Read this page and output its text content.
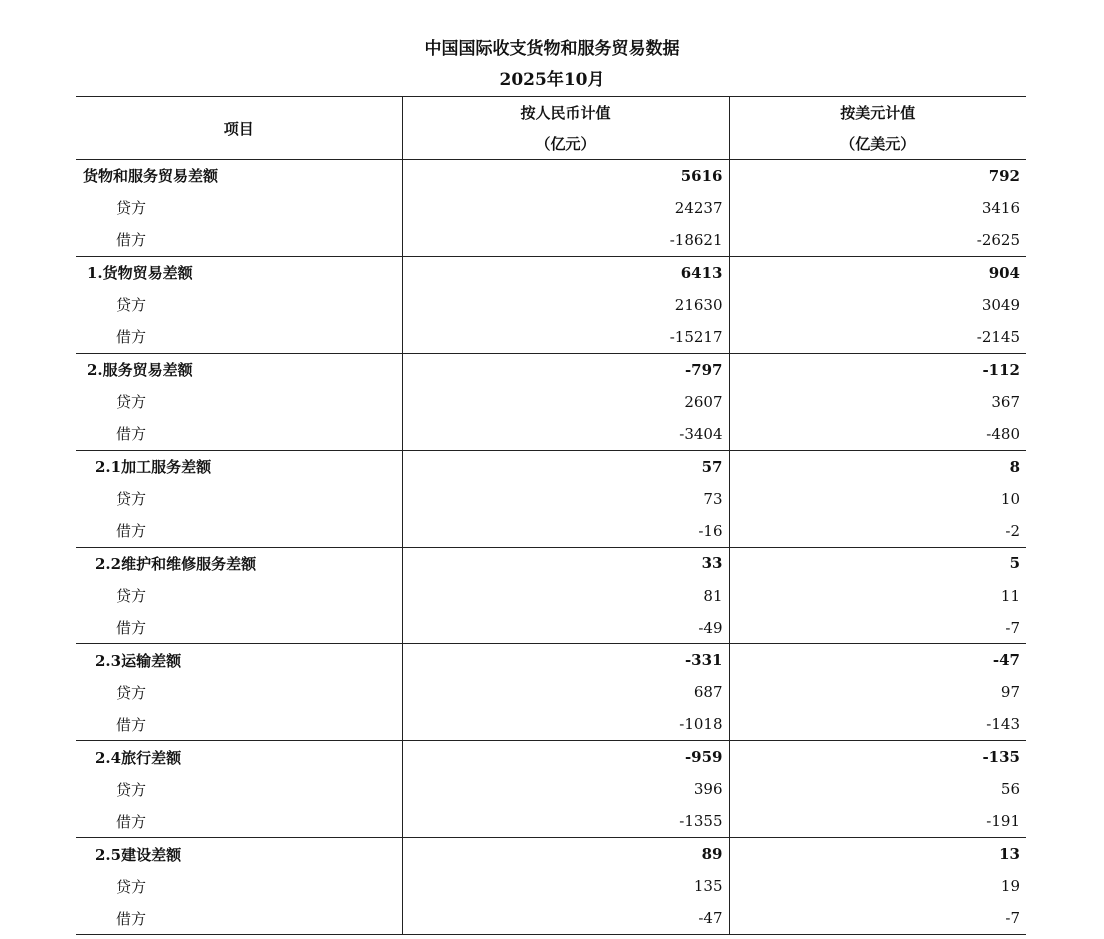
中国国际收支货物和服务贸易数据
2025年10月
项目	按人民币计值	按美元计值
	（亿元）	（亿美元）
货物和服务贸易差额	5616	792
贷方	24237	3416
借方	-18621	-2625
1.货物贸易差额	6413	904
贷方	21630	3049
借方	-15217	-2145
2.服务贸易差额	-797	-112
贷方	2607	367
借方	-3404	-480
2.1加工服务差额	57	8
贷方	73	10
借方	-16	-2
2.2维护和维修服务差额	33	5
贷方	81	11
借方	-49	-7
2.3运输差额	-331	-47
贷方	687	97
借方	-1018	-143
2.4旅行差额	-959	-135
贷方	396	56
借方	-1355	-191
2.5建设差额	89	13
贷方	135	19
借方	-47	-7
